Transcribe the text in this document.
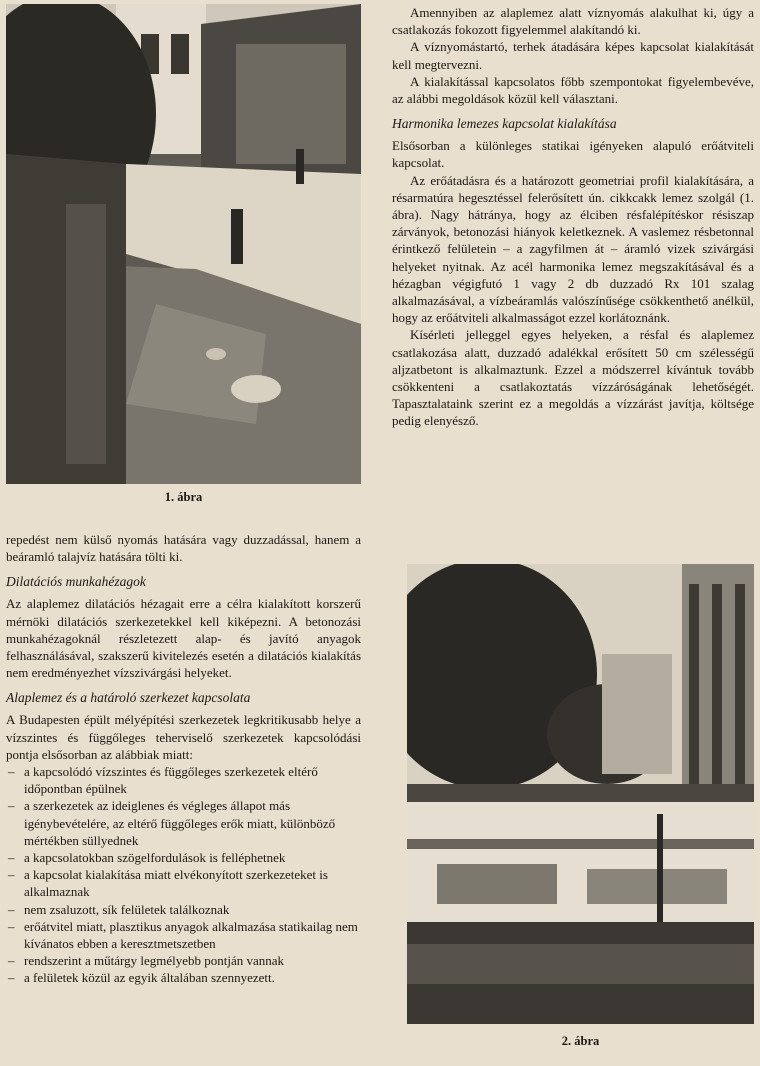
1. ábra

repedést nem külső nyomás hatására vagy duzzadással, hanem a beáramló talajvíz hatására tölti ki.

Dilatációs munkahézagok

Az alaplemez dilatációs hézagait erre a célra kialakított korszerű mérnöki dilatációs szerkezetekkel kell kiképezni. A betonozási munkahézagoknál részletezett alap- és javító anyagok felhasználásával, szakszerű kivitelezés esetén a dilatációs kialakítás nem eredményezhet vízszivárgási helyeket.

Alaplemez és a határoló szerkezet kapcsolata

A Budapesten épült mélyépítési szerkezetek legkritikusabb helye a vízszintes és függőleges teherviselő szerkezetek kapcsolódási pontja elsősorban az alábbiak miatt:

– a kapcsolódó vízszintes és függőleges szerkezetek eltérő időpontban épülnek
– a szerkezetek az ideiglenes és végleges állapot más igénybevételére, az eltérő függőleges erők miatt, különböző mértékben süllyednek
– a kapcsolatokban szögelfordulások is felléphetnek
– a kapcsolat kialakítása miatt elvékonyított szerkezeteket is alkalmaznak
– nem zsaluzott, sík felületek találkoznak
– erőátvitel miatt, plasztikus anyagok alkalmazása statikailag nem kívánatos ebben a keresztmetszetben
– rendszerint a műtárgy legmélyebb pontján vannak
– a felületek közül az egyik általában szennyezett.

Amennyiben az alaplemez alatt víznyomás alakulhat ki, úgy a csatlakozás fokozott figyelemmel alakítandó ki.

A víznyomástartó, terhek átadására képes kapcsolat kialakítását kell megtervezni.

A kialakítással kapcsolatos főbb szempontokat figyelembevéve, az alábbi megoldások közül kell választani.

Harmonika lemezes kapcsolat kialakítása

Elsősorban a különleges statikai igényeken alapuló erőátviteli kapcsolat.

Az erőátadásra és a határozott geometriai profil kialakítására, a résarmatúra hegesztéssel felerősített ún. cikkcakk lemez szolgál (1. ábra). Nagy hátránya, hogy az élciben résfalépítéskor résiszap zárványok, betonozási hiányok keletkeznek. A vaslemez résbetonnal érintkező felületein – a zagyfilmen át – áramló vizek szivárgási helyeket nyitnak. Az acél harmonika lemez megszakításával és a hézagban végigfutó 1 vagy 2 db duzzadó Rx 101 szalag alkalmazásával, a vízbeáramlás valószínűsége csökkenthető anélkül, hogy az erőátviteli alkalmasságot ezzel korlátoznánk.

Kísérleti jelleggel egyes helyeken, a résfal és alaplemez csatlakozása alatt, duzzadó adalékkal erősített 50 cm szélességű aljzatbetont is alkalmaztunk. Ezzel a módszerrel kívántuk tovább csökkenteni a csatlakoztatás vízzáróságának lehetőségét. Tapasztalataink szerint ez a megoldás a vízzárást javítja, költsége pedig elenyésző.

2. ábra
